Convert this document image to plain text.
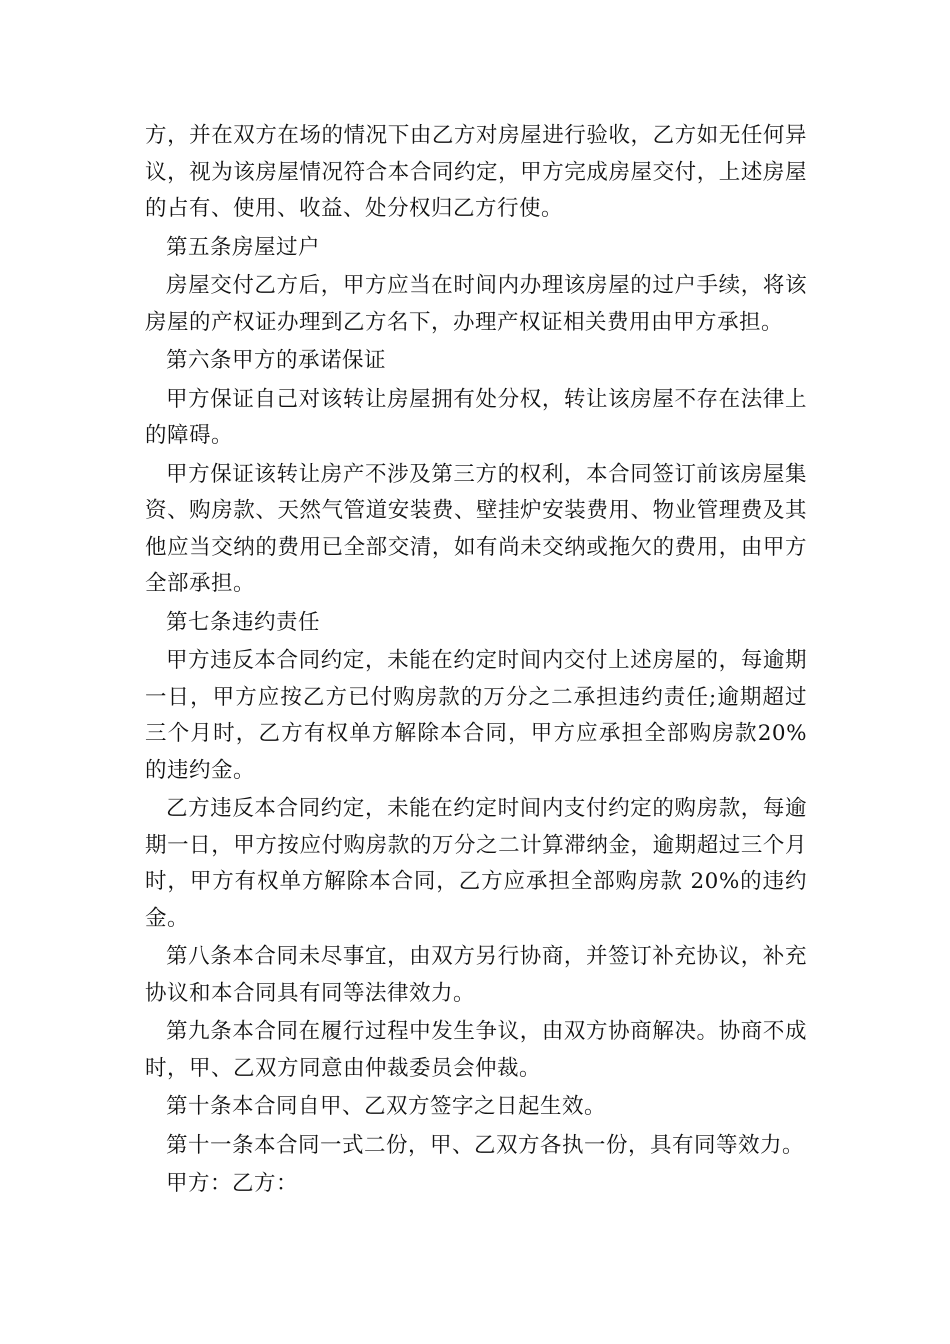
方，并在双方在场的情况下由乙方对房屋进行验收，乙方如无任何异议，视为该房屋情况符合本合同约定，甲方完成房屋交付，上述房屋的占有、使用、收益、处分权归乙方行使。

第五条房屋过户

房屋交付乙方后，甲方应当在时间内办理该房屋的过户手续，将该房屋的产权证办理到乙方名下，办理产权证相关费用由甲方承担。

第六条甲方的承诺保证

甲方保证自己对该转让房屋拥有处分权，转让该房屋不存在法律上的障碍。

甲方保证该转让房产不涉及第三方的权利，本合同签订前该房屋集资、购房款、天然气管道安装费、壁挂炉安装费用、物业管理费及其他应当交纳的费用已全部交清，如有尚未交纳或拖欠的费用，由甲方全部承担。

第七条违约责任

甲方违反本合同约定，未能在约定时间内交付上述房屋的，每逾期一日，甲方应按乙方已付购房款的万分之二承担违约责任;逾期超过三个月时，乙方有权单方解除本合同，甲方应承担全部购房款20%的违约金。

乙方违反本合同约定，未能在约定时间内支付约定的购房款，每逾期一日，甲方按应付购房款的万分之二计算滞纳金，逾期超过三个月时，甲方有权单方解除本合同，乙方应承担全部购房款 20%的违约金。

第八条本合同未尽事宜，由双方另行协商，并签订补充协议，补充协议和本合同具有同等法律效力。

第九条本合同在履行过程中发生争议，由双方协商解决。协商不成时，甲、乙双方同意由仲裁委员会仲裁。

第十条本合同自甲、乙双方签字之日起生效。

第十一条本合同一式二份，甲、乙双方各执一份，具有同等效力。

甲方：乙方：
